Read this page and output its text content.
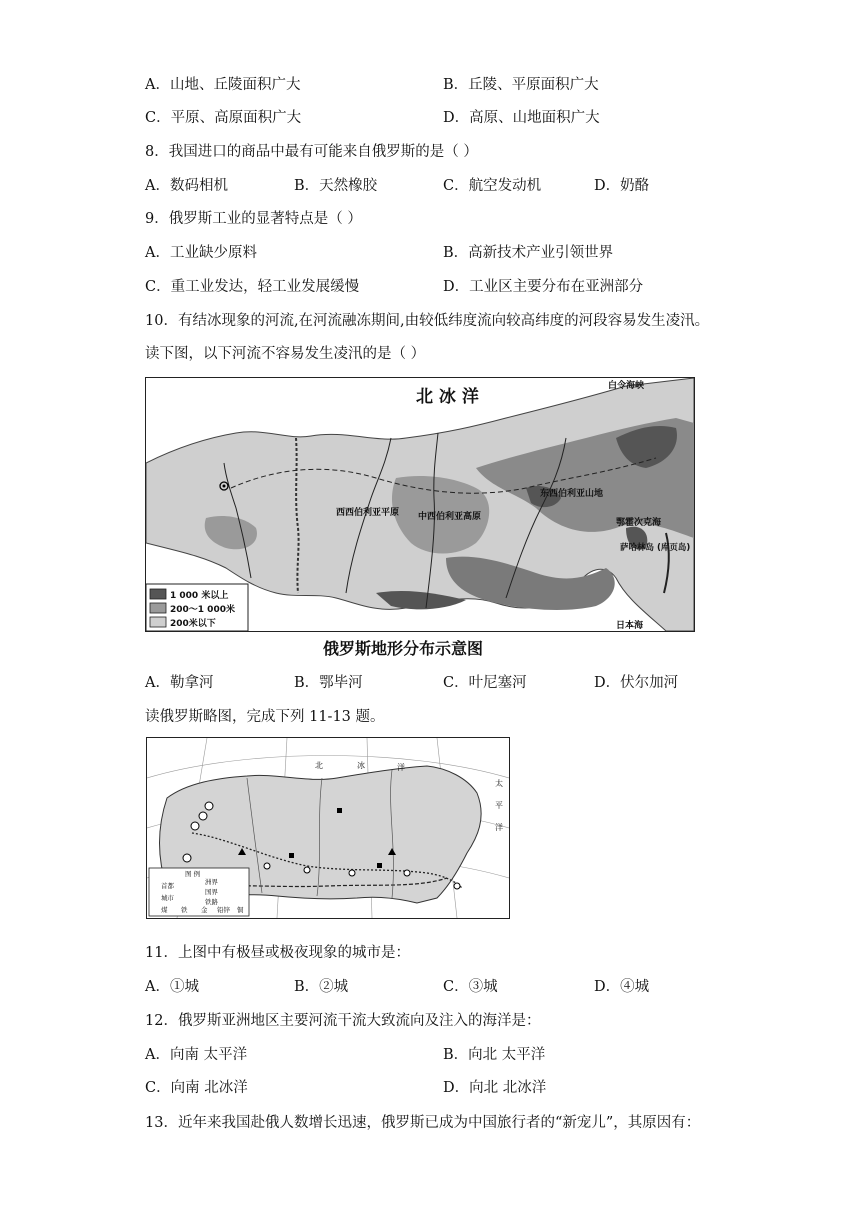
A．山地、丘陵面积广大	B．丘陵、平原面积广大
C．平原、高原面积广大	D．高原、山地面积广大
8．我国进口的商品中最有可能来自俄罗斯的是（ ）
A．数码相机	B．天然橡胶	C．航空发动机	D．奶酪
9．俄罗斯工业的显著特点是（ ）
A．工业缺少原料	B．高新技术产业引领世界
C．重工业发达，轻工业发展缓慢	D．工业区主要分布在亚洲部分
10．有结冰现象的河流,在河流融冻期间,由较低纬度流向较高纬度的河段容易发生凌汛。
读下图，以下河流不容易发生凌汛的是（ ）
北 冰 洋
白令海峡
鄂霍次克海
萨哈林岛 (库页岛)
日本海
西西伯利亚平原 中西伯利亚高原
东西伯利亚山地
1 000 米以上
200～1 000米
200米以下
俄罗斯地形分布示意图
A．勒拿河	B．鄂毕河	C．叶尼塞河	D．伏尔加河
读俄罗斯略图，完成下列 11-13 题。
图 例
首都
城市
洲界
国界
铁路
煤 铁 金 铅锌 铜
北	冰	洋
太
平
洋
11．上图中有极昼或极夜现象的城市是：
A．①城	B．②城	C．③城	D．④城
12．俄罗斯亚洲地区主要河流干流大致流向及注入的海洋是：
A．向南 太平洋	B．向北 太平洋
C．向南 北冰洋	D．向北 北冰洋
13．近年来我国赴俄人数增长迅速，俄罗斯已成为中国旅行者的“新宠儿”，其原因有：
